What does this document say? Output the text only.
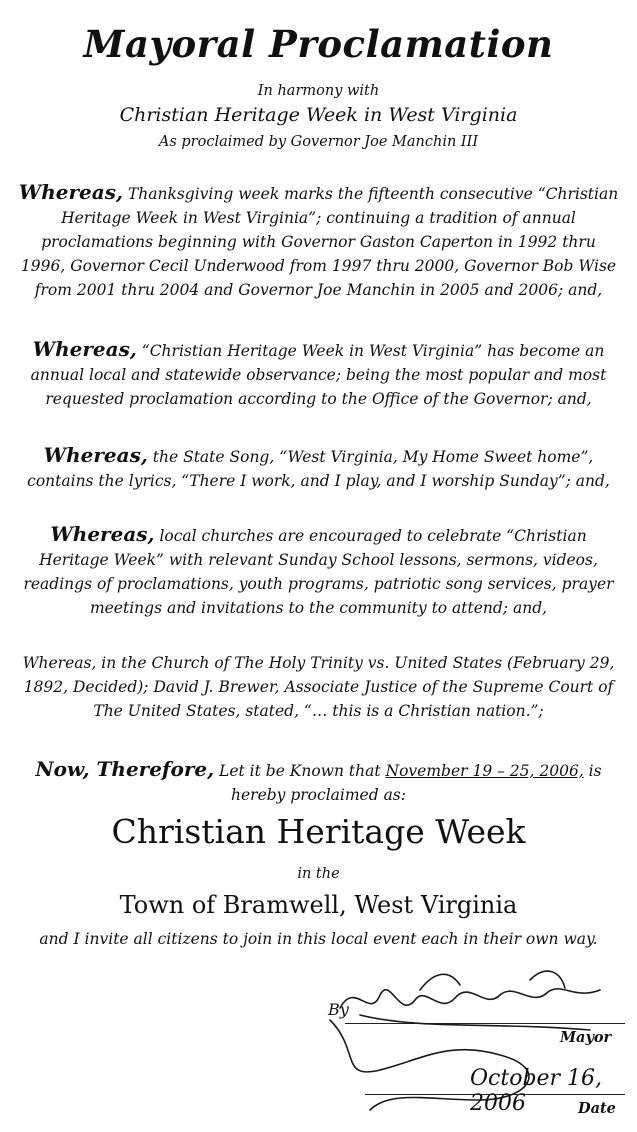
Mayoral Proclamation
In harmony with
Christian Heritage Week in West Virginia
As proclaimed by Governor Joe Manchin III

Whereas, Thanksgiving week marks the fifteenth consecutive “Christian Heritage Week in West Virginia”; continuing a tradition of annual proclamations beginning with Governor Gaston Caperton in 1992 thru 1996, Governor Cecil Underwood from 1997 thru 2000, Governor Bob Wise from 2001 thru 2004 and Governor Joe Manchin in 2005 and 2006; and,

Whereas, “Christian Heritage Week in West Virginia” has become an annual local and statewide observance; being the most popular and most requested proclamation according to the Office of the Governor; and,

Whereas, the State Song, “West Virginia, My Home Sweet home”, contains the lyrics, “There I work, and I play, and I worship Sunday”; and,

Whereas, local churches are encouraged to celebrate “Christian Heritage Week” with relevant Sunday School lessons, sermons, videos, readings of proclamations, youth programs, patriotic song services, prayer meetings and invitations to the community to attend; and,

Whereas, in the Church of The Holy Trinity vs. United States (February 29, 1892, Decided); David J. Brewer, Associate Justice of the Supreme Court of The United States, stated, “… this is a Christian nation.”;

Now, Therefore, Let it be Known that November 19 – 25, 2006, is hereby proclaimed as:

Christian Heritage Week
in the
Town of Bramwell, West Virginia
and I invite all citizens to join in this local event each in their own way.
By
Mayor
October 16, 2006	Date
